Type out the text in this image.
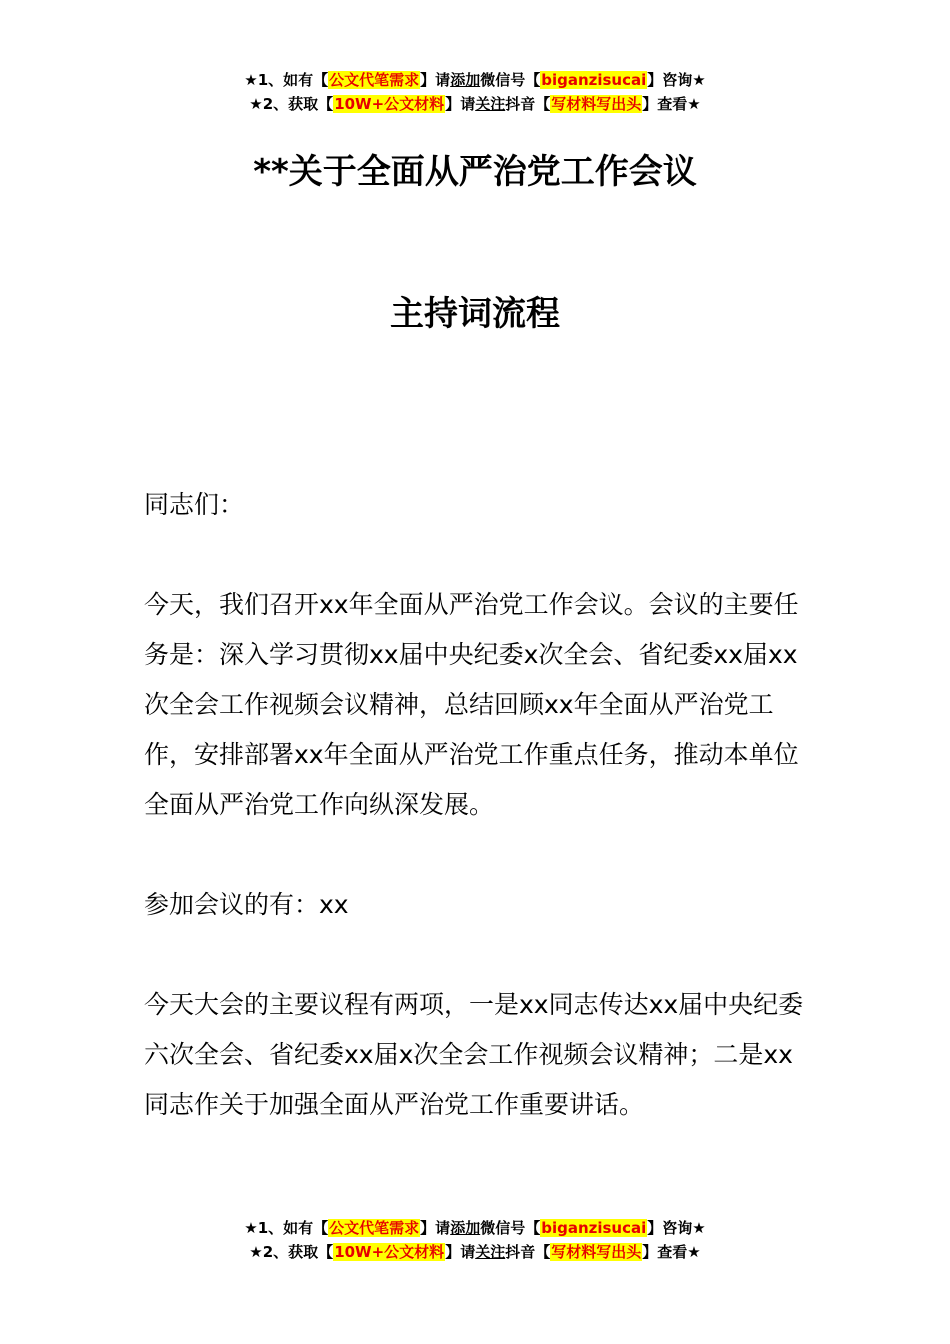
★1、如有【公文代笔需求】请添加微信号【biganzisucai】咨询★
★2、获取【10W+公文材料】请关注抖音【写材料写出头】查看★
**关于全面从严治党工作会议
主持词流程

同志们：

今天，我们召开xx年全面从严治党工作会议。会议的主要任务是：深入学习贯彻xx届中央纪委x次全会、省纪委xx届xx次全会工作视频会议精神，总结回顾xx年全面从严治党工作，安排部署xx年全面从严治党工作重点任务，推动本单位全面从严治党工作向纵深发展。

参加会议的有：xx

今天大会的主要议程有两项，一是xx同志传达xx届中央纪委六次全会、省纪委xx届x次全会工作视频会议精神；二是xx同志作关于加强全面从严治党工作重要讲话。

★1、如有【公文代笔需求】请添加微信号【biganzisucai】咨询★
★2、获取【10W+公文材料】请关注抖音【写材料写出头】查看★
